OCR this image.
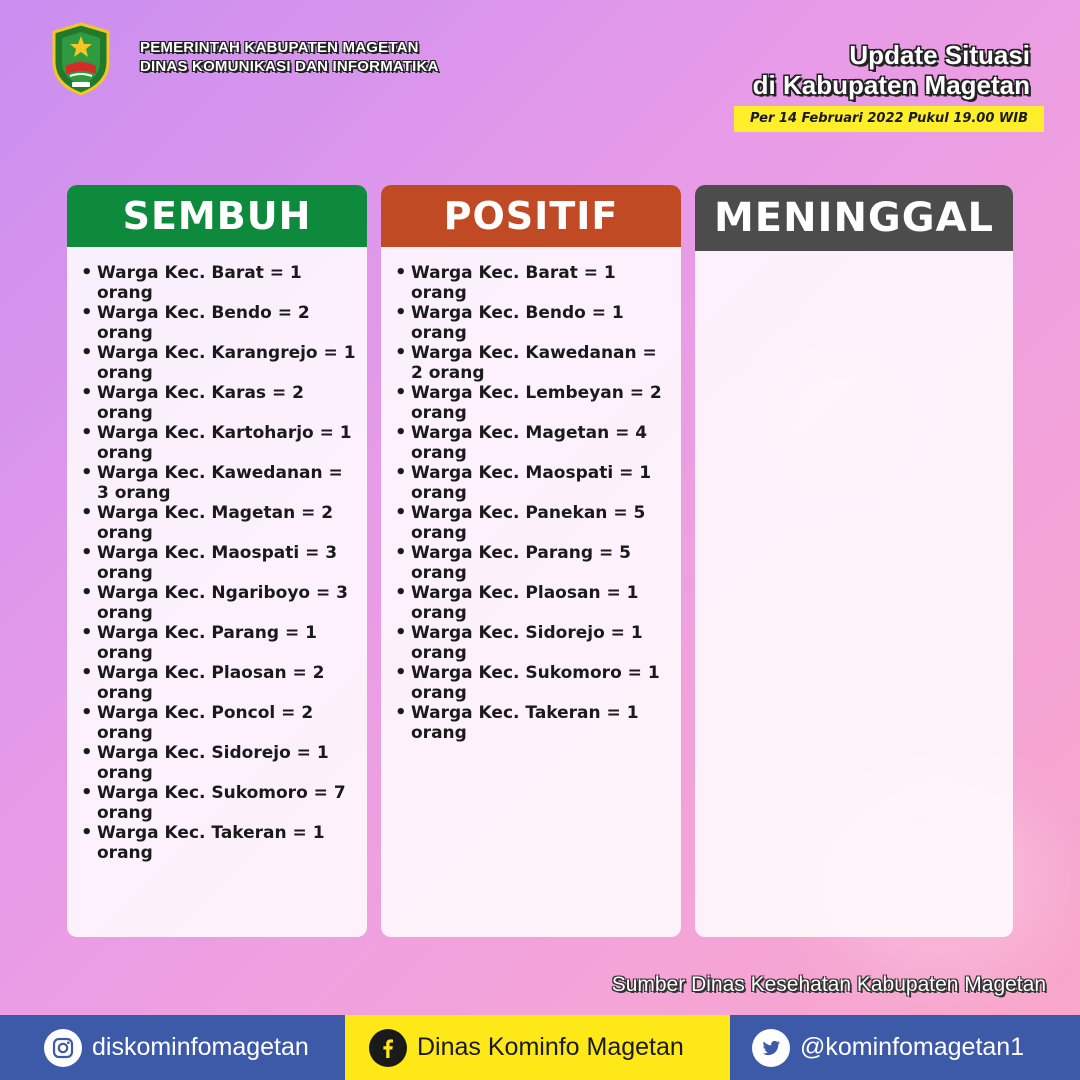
PEMERINTAH KABUPATEN MAGETAN
DINAS KOMUNIKASI DAN INFORMATIKA	Update Situasi
di Kabupaten Magetan
Per 14 Februari 2022 Pukul 19.00 WIB
SEMBUH
• Warga Kec. Barat = 1 orang
• Warga Kec. Bendo = 2 orang
• Warga Kec. Karangrejo = 1 orang
• Warga Kec. Karas = 2 orang
• Warga Kec. Kartoharjo = 1 orang
• Warga Kec. Kawedanan = 3 orang
• Warga Kec. Magetan = 2 orang
• Warga Kec. Maospati = 3 orang
• Warga Kec. Ngariboyo = 3 orang
• Warga Kec. Parang = 1 orang
• Warga Kec. Plaosan = 2 orang
• Warga Kec. Poncol = 2 orang
• Warga Kec. Sidorejo = 1 orang
• Warga Kec. Sukomoro = 7 orang
• Warga Kec. Takeran = 1 orang
POSITIF
• Warga Kec. Barat = 1 orang
• Warga Kec. Bendo = 1 orang
• Warga Kec. Kawedanan = 2 orang
• Warga Kec. Lembeyan = 2 orang
• Warga Kec. Magetan = 4 orang
• Warga Kec. Maospati = 1 orang
• Warga Kec. Panekan = 5 orang
• Warga Kec. Parang = 5 orang
• Warga Kec. Plaosan = 1 orang
• Warga Kec. Sidorejo = 1 orang
• Warga Kec. Sukomoro = 1 orang
• Warga Kec. Takeran = 1 orang
MENINGGAL
Sumber Dinas Kesehatan Kabupaten Magetan
diskominfomagetan	Dinas Kominfo Magetan	@kominfomagetan1
